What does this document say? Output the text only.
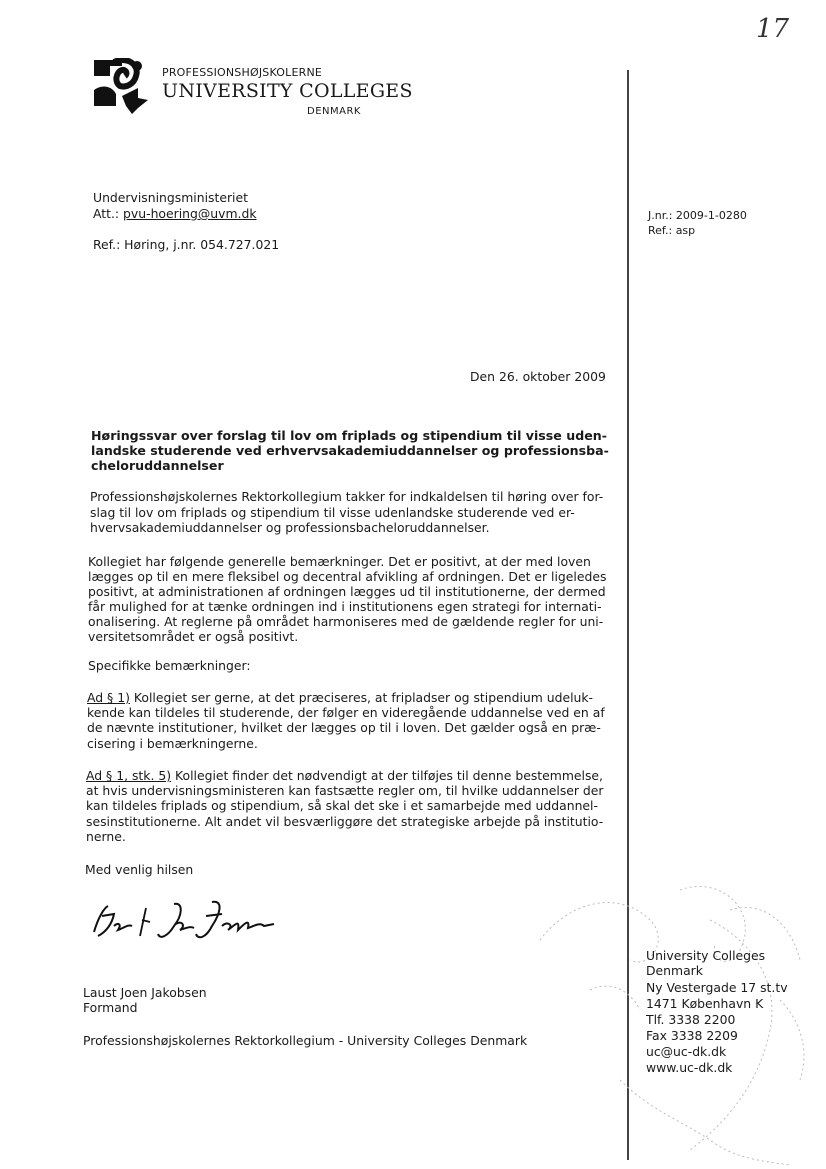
17
PROFESSIONSHØJSKOLERNE
UNIVERSITY COLLEGES
DENMARK
Undervisningsministeriet
Att.: pvu-hoering@uvm.dk
Ref.: Høring, j.nr. 054.727.021
J.nr.: 2009-1-0280
Ref.: asp
Den 26. oktober 2009
Høringssvar over forslag til lov om friplads og stipendium til visse uden-
landske studerende ved erhvervsakademiuddannelser og professionsba-
cheloruddannelser
Professionshøjskolernes Rektorkollegium takker for indkaldelsen til høring over for-
slag til lov om friplads og stipendium til visse udenlandske studerende ved er-
hvervsakademiuddannelser og professionsbacheloruddannelser.
Kollegiet har følgende generelle bemærkninger. Det er positivt, at der med loven
lægges op til en mere fleksibel og decentral afvikling af ordningen. Det er ligeledes
positivt, at administrationen af ordningen lægges ud til institutionerne, der dermed
får mulighed for at tænke ordningen ind i institutionens egen strategi for internati-
onalisering. At reglerne på området harmoniseres med de gældende regler for uni-
versitetsområdet er også positivt.
Specifikke bemærkninger:
Ad § 1) Kollegiet ser gerne, at det præciseres, at fripladser og stipendium udeluk-
kende kan tildeles til studerende, der følger en videregående uddannelse ved en af
de nævnte institutioner, hvilket der lægges op til i loven. Det gælder også en præ-
cisering i bemærkningerne.
Ad § 1, stk. 5) Kollegiet finder det nødvendigt at der tilføjes til denne bestemmelse,
at hvis undervisningsministeren kan fastsætte regler om, til hvilke uddannelser der
kan tildeles friplads og stipendium, så skal det ske i et samarbejde med uddannel-
sesinstitutionerne. Alt andet vil besværliggøre det strategiske arbejde på institutio-
nerne.
Med venlig hilsen
Laust Joen Jakobsen
Formand
Professionshøjskolernes Rektorkollegium - University Colleges Denmark
University Colleges
Denmark
Ny Vestergade 17 st.tv
1471 København K
Tlf. 3338 2200
Fax 3338 2209
uc@uc-dk.dk
www.uc-dk.dk
